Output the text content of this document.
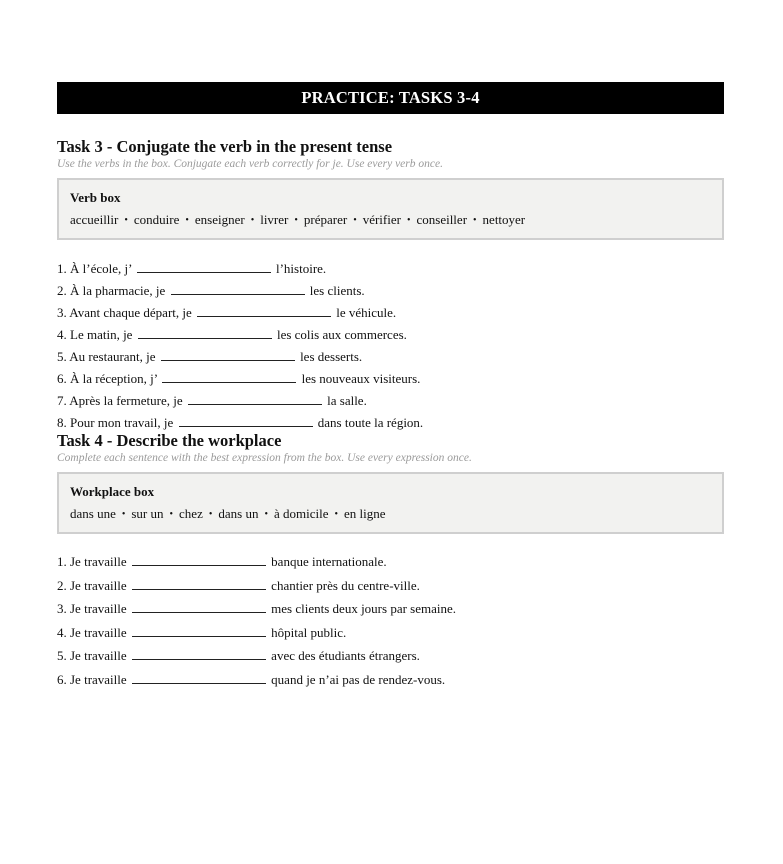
PRACTICE: TASKS 3-4
Task 3 - Conjugate the verb in the present tense

Use the verbs in the box. Conjugate each verb correctly for je. Use every verb once.

Verb box
accueillir • conduire • enseigner • livrer • préparer • vérifier • conseiller • nettoyer
1. À l’école, j’	l’histoire.
2. À la pharmacie, je	les clients.
3. Avant chaque départ, je	le véhicule.
4. Le matin, je	les colis aux commerces.
5. Au restaurant, je	les desserts.
6. À la réception, j’	les nouveaux visiteurs.
7. Après la fermeture, je	la salle.
8. Pour mon travail, je	dans toute la région.
Task 4 - Describe the workplace

Complete each sentence with the best expression from the box. Use every expression once.

Workplace box
dans une • sur un • chez • dans un • à domicile • en ligne
1. Je travaille	banque internationale.
2. Je travaille	chantier près du centre-ville.
3. Je travaille	mes clients deux jours par semaine.
4. Je travaille	hôpital public.
5. Je travaille	avec des étudiants étrangers.
6. Je travaille	quand je n’ai pas de rendez-vous.
